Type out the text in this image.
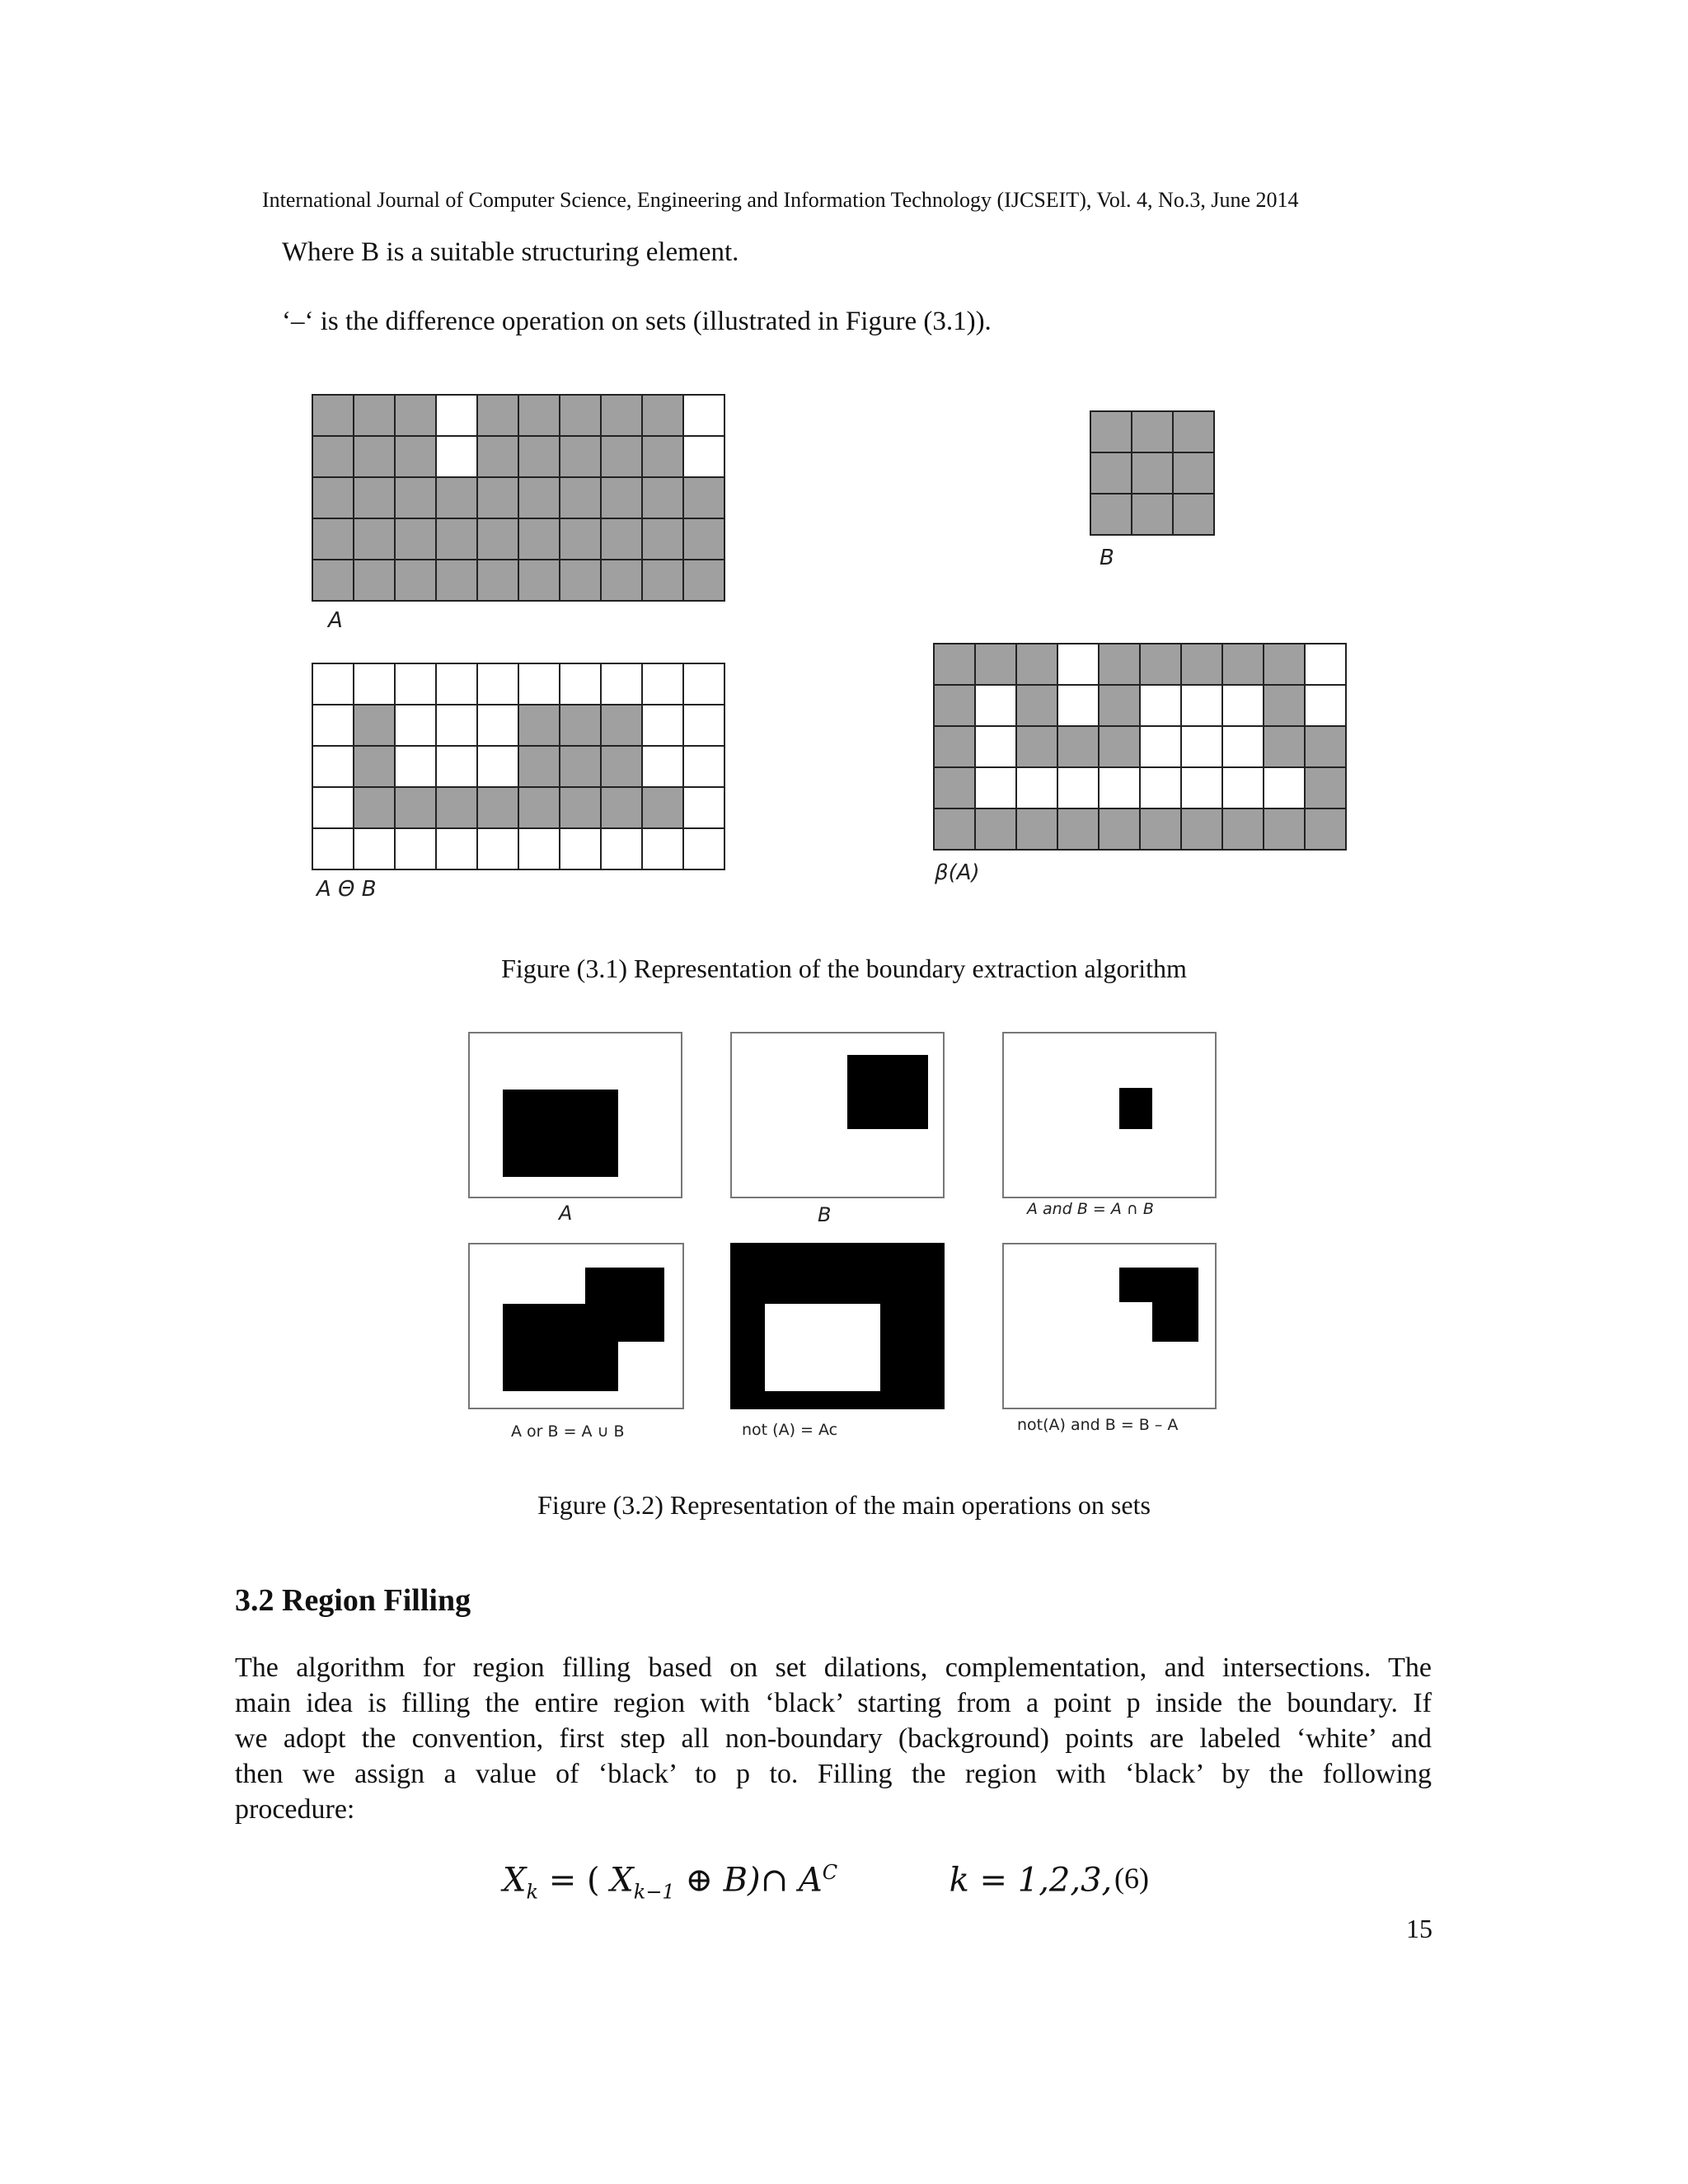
International Journal of Computer Science, Engineering and Information Technology (IJCSEIT), Vol. 4, No.3, June 2014
Where B is a suitable structuring element.
‘–‘ is the difference operation on sets (illustrated in Figure (3.1)).
A
B
A Θ B
β(A)
Figure (3.1) Representation of the boundary extraction algorithm
A	B	A and B = A ∩ B
A or B = A ∪ B	not (A) = Ac	not(A) and B = B – A
Figure (3.2) Representation of the main operations on sets
3.2 Region Filling
The algorithm for region filling based on set dilations, complementation, and intersections. The
main idea is filling the entire region with ‘black’ starting from a point p inside the boundary. If
we adopt the convention, first step all non-boundary (background) points are labeled ‘white’ and
then we assign a value of ‘black’ to p to. Filling the region with ‘black’ by the following
procedure:
$X_k$ = ( $X_{k-1}$ ⊕ B)∩ $A^C$	k = 1,2,3, (6)
15
